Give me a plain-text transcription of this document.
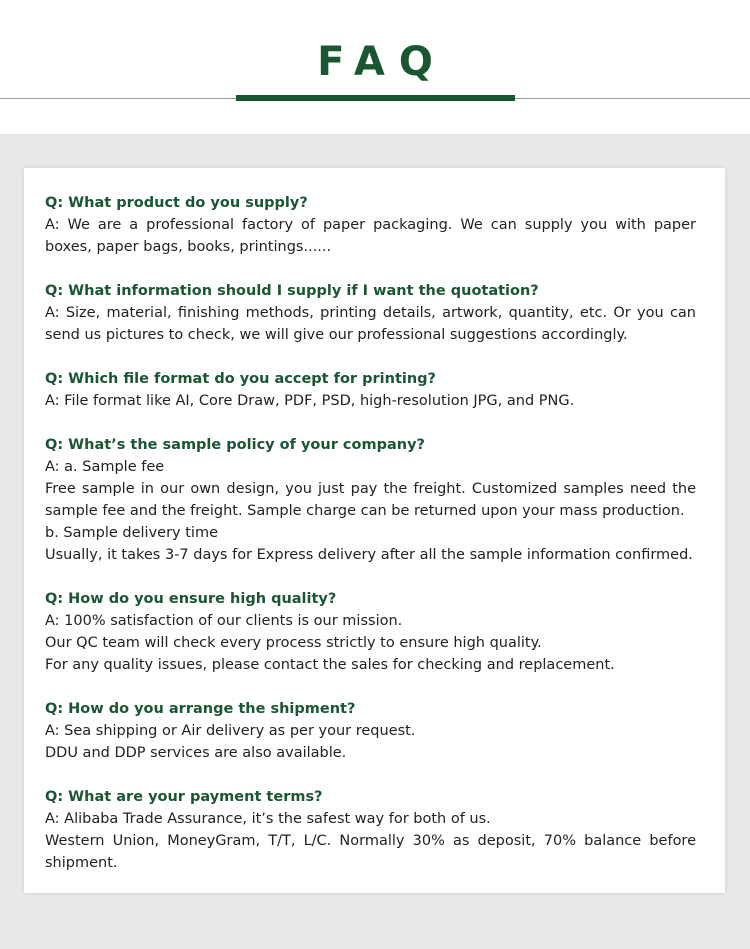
FAQ
Q: What product do you supply?
A: We are a professional factory of paper packaging. We can supply you with paper boxes, paper bags, books, printings......
Q: What information should I supply if I want the quotation?
A: Size, material, finishing methods, printing details, artwork, quantity, etc. Or you can send us pictures to check, we will give our professional suggestions accordingly.
Q: Which file format do you accept for printing?
A: File format like AI, Core Draw, PDF, PSD, high-resolution JPG, and PNG.
Q: What’s the sample policy of your company?
A: a. Sample fee
Free sample in our own design, you just pay the freight. Customized samples need the sample fee and the freight. Sample charge can be returned upon your mass production.
b. Sample delivery time
Usually, it takes 3-7 days for Express delivery after all the sample information confirmed.
Q: How do you ensure high quality?
A: 100% satisfaction of our clients is our mission.
Our QC team will check every process strictly to ensure high quality.
For any quality issues, please contact the sales for checking and replacement.
Q: How do you arrange the shipment?
A: Sea shipping or Air delivery as per your request.
DDU and DDP services are also available.
Q: What are your payment terms?
A: Alibaba Trade Assurance, it’s the safest way for both of us.
Western Union, MoneyGram, T/T, L/C. Normally 30% as deposit, 70% balance before shipment.
